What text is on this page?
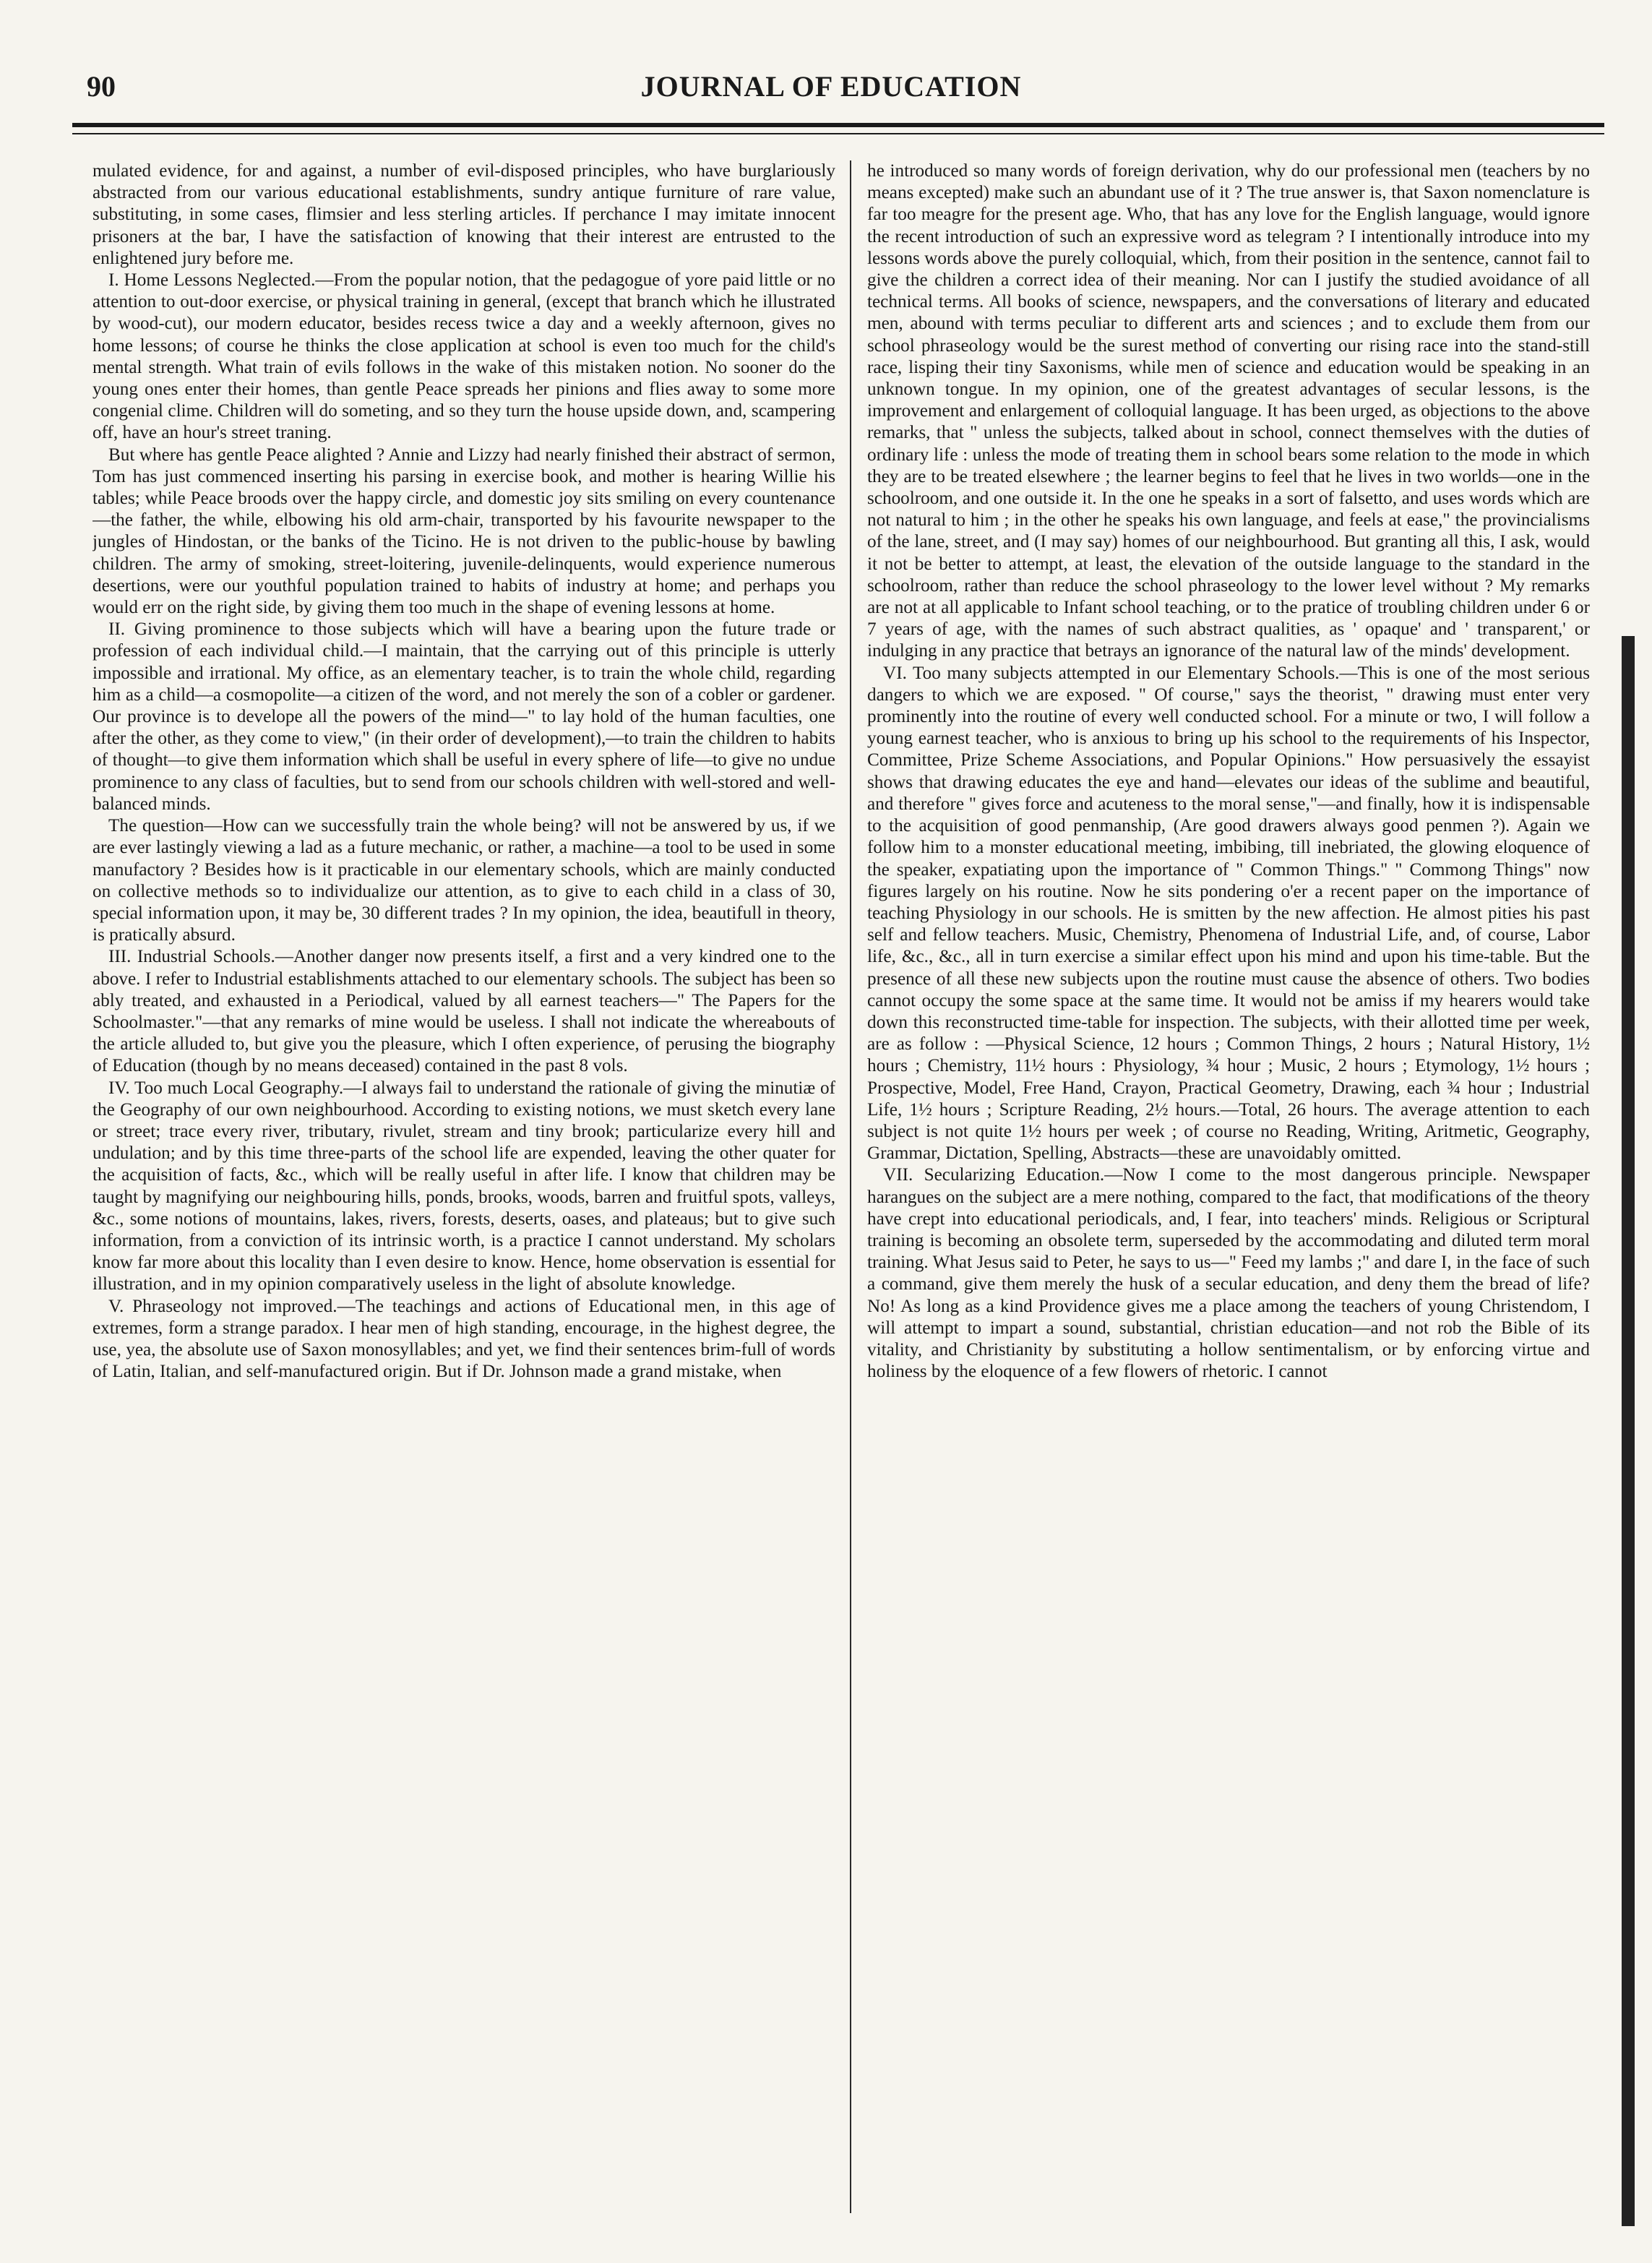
90	JOURNAL OF EDUCATION

mulated evidence, for and against, a number of evil-disposed principles, who have burglariously abstracted from our various educational establishments, sundry antique furniture of rare value, substituting, in some cases, flimsier and less sterling articles. If perchance I may imitate innocent prisoners at the bar, I have the satisfaction of knowing that their interest are entrusted to the enlightened jury before me.

I. Home Lessons Neglected.—From the popular notion, that the pedagogue of yore paid little or no attention to out-door exercise, or physical training in general, (except that branch which he illustrated by wood-cut), our modern educator, besides recess twice a day and a weekly afternoon, gives no home lessons; of course he thinks the close application at school is even too much for the child's mental strength. What train of evils follows in the wake of this mistaken notion. No sooner do the young ones enter their homes, than gentle Peace spreads her pinions and flies away to some more congenial clime. Children will do someting, and so they turn the house upside down, and, scampering off, have an hour's street traning.

But where has gentle Peace alighted ? Annie and Lizzy had nearly finished their abstract of sermon, Tom has just commenced inserting his parsing in exercise book, and mother is hearing Willie his tables; while Peace broods over the happy circle, and domestic joy sits smiling on every countenance—the father, the while, elbowing his old arm-chair, transported by his favourite newspaper to the jungles of Hindostan, or the banks of the Ticino. He is not driven to the public-house by bawling children. The army of smoking, street-loitering, juvenile-delinquents, would experience numerous desertions, were our youthful population trained to habits of industry at home; and perhaps you would err on the right side, by giving them too much in the shape of evening lessons at home.

II. Giving prominence to those subjects which will have a bearing upon the future trade or profession of each individual child.—I maintain, that the carrying out of this principle is utterly impossible and irrational. My office, as an elementary teacher, is to train the whole child, regarding him as a child—a cosmopolite—a citizen of the word, and not merely the son of a cobler or gardener. Our province is to develope all the powers of the mind—" to lay hold of the human faculties, one after the other, as they come to view," (in their order of development),—to train the children to habits of thought—to give them information which shall be useful in every sphere of life—to give no undue prominence to any class of faculties, but to send from our schools children with well-stored and well-balanced minds.

The question—How can we successfully train the whole being? will not be answered by us, if we are ever lastingly viewing a lad as a future mechanic, or rather, a machine—a tool to be used in some manufactory ? Besides how is it practicable in our elementary schools, which are mainly conducted on collective methods so to individualize our attention, as to give to each child in a class of 30, special information upon, it may be, 30 different trades ? In my opinion, the idea, beautifull in theory, is pratically absurd.

III. Industrial Schools.—Another danger now presents itself, a first and a very kindred one to the above. I refer to Industrial establishments attached to our elementary schools. The subject has been so ably treated, and exhausted in a Periodical, valued by all earnest teachers—" The Papers for the Schoolmaster."—that any remarks of mine would be useless. I shall not indicate the whereabouts of the article alluded to, but give you the pleasure, which I often experience, of perusing the biography of Education (though by no means deceased) contained in the past 8 vols.

IV. Too much Local Geography.—I always fail to understand the rationale of giving the minutiæ of the Geography of our own neighbourhood. According to existing notions, we must sketch every lane or street; trace every river, tributary, rivulet, stream and tiny brook; particularize every hill and undulation; and by this time three-parts of the school life are expended, leaving the other quater for the acquisition of facts, &c., which will be really useful in after life. I know that children may be taught by magnifying our neighbouring hills, ponds, brooks, woods, barren and fruitful spots, valleys, &c., some notions of mountains, lakes, rivers, forests, deserts, oases, and plateaus; but to give such information, from a conviction of its intrinsic worth, is a practice I cannot understand. My scholars know far more about this locality than I even desire to know. Hence, home observation is essential for illustration, and in my opinion comparatively useless in the light of absolute knowledge.

V. Phraseology not improved.—The teachings and actions of Educational men, in this age of extremes, form a strange paradox. I hear men of high standing, encourage, in the highest degree, the use, yea, the absolute use of Saxon monosyllables; and yet, we find their sentences brim-full of words of Latin, Italian, and self-manufactured origin. But if Dr. Johnson made a grand mistake, when

he introduced so many words of foreign derivation, why do our professional men (teachers by no means excepted) make such an abundant use of it ? The true answer is, that Saxon nomenclature is far too meagre for the present age. Who, that has any love for the English language, would ignore the recent introduction of such an expressive word as telegram ? I intentionally introduce into my lessons words above the purely colloquial, which, from their position in the sentence, cannot fail to give the children a correct idea of their meaning. Nor can I justify the studied avoidance of all technical terms. All books of science, newspapers, and the conversations of literary and educated men, abound with terms peculiar to different arts and sciences ; and to exclude them from our school phraseology would be the surest method of converting our rising race into the stand-still race, lisping their tiny Saxonisms, while men of science and education would be speaking in an unknown tongue. In my opinion, one of the greatest advantages of secular lessons, is the improvement and enlargement of colloquial language. It has been urged, as objections to the above remarks, that " unless the subjects, talked about in school, connect themselves with the duties of ordinary life : unless the mode of treating them in school bears some relation to the mode in which they are to be treated elsewhere ; the learner begins to feel that he lives in two worlds—one in the schoolroom, and one outside it. In the one he speaks in a sort of falsetto, and uses words which are not natural to him ; in the other he speaks his own language, and feels at ease," the provincialisms of the lane, street, and (I may say) homes of our neighbourhood. But granting all this, I ask, would it not be better to attempt, at least, the elevation of the outside language to the standard in the schoolroom, rather than reduce the school phraseology to the lower level without ? My remarks are not at all applicable to Infant school teaching, or to the pratice of troubling children under 6 or 7 years of age, with the names of such abstract qualities, as ' opaque' and ' transparent,' or indulging in any practice that betrays an ignorance of the natural law of the minds' development.

VI. Too many subjects attempted in our Elementary Schools.—This is one of the most serious dangers to which we are exposed. " Of course," says the theorist, " drawing must enter very prominently into the routine of every well conducted school. For a minute or two, I will follow a young earnest teacher, who is anxious to bring up his school to the requirements of his Inspector, Committee, Prize Scheme Associations, and Popular Opinions." How persuasively the essayist shows that drawing educates the eye and hand—elevates our ideas of the sublime and beautiful, and therefore " gives force and acuteness to the moral sense,"—and finally, how it is indispensable to the acquisition of good penmanship, (Are good drawers always good penmen ?). Again we follow him to a monster educational meeting, imbibing, till inebriated, the glowing eloquence of the speaker, expatiating upon the importance of " Common Things." " Commong Things" now figures largely on his routine. Now he sits pondering o'er a recent paper on the importance of teaching Physiology in our schools. He is smitten by the new affection. He almost pities his past self and fellow teachers. Music, Chemistry, Phenomena of Industrial Life, and, of course, Labor life, &c., &c., all in turn exercise a similar effect upon his mind and upon his time-table. But the presence of all these new subjects upon the routine must cause the absence of others. Two bodies cannot occupy the some space at the same time. It would not be amiss if my hearers would take down this reconstructed time-table for inspection. The subjects, with their allotted time per week, are as follow : —Physical Science, 12 hours ; Common Things, 2 hours ; Natural History, 1½ hours ; Chemistry, 11½ hours : Physiology, ¾ hour ; Music, 2 hours ; Etymology, 1½ hours ; Prospective, Model, Free Hand, Crayon, Practical Geometry, Drawing, each ¾ hour ; Industrial Life, 1½ hours ; Scripture Reading, 2½ hours.—Total, 26 hours. The average attention to each subject is not quite 1½ hours per week ; of course no Reading, Writing, Aritmetic, Geography, Grammar, Dictation, Spelling, Abstracts—these are unavoidably omitted.

VII. Secularizing Education.—Now I come to the most dangerous principle. Newspaper harangues on the subject are a mere nothing, compared to the fact, that modifications of the theory have crept into educational periodicals, and, I fear, into teachers' minds. Religious or Scriptural training is becoming an obsolete term, superseded by the accommodating and diluted term moral training. What Jesus said to Peter, he says to us—" Feed my lambs ;" and dare I, in the face of such a command, give them merely the husk of a secular education, and deny them the bread of life? No! As long as a kind Providence gives me a place among the teachers of young Christendom, I will attempt to impart a sound, substantial, christian education—and not rob the Bible of its vitality, and Christianity by substituting a hollow sentimentalism, or by enforcing virtue and holiness by the eloquence of a few flowers of rhetoric. I cannot
